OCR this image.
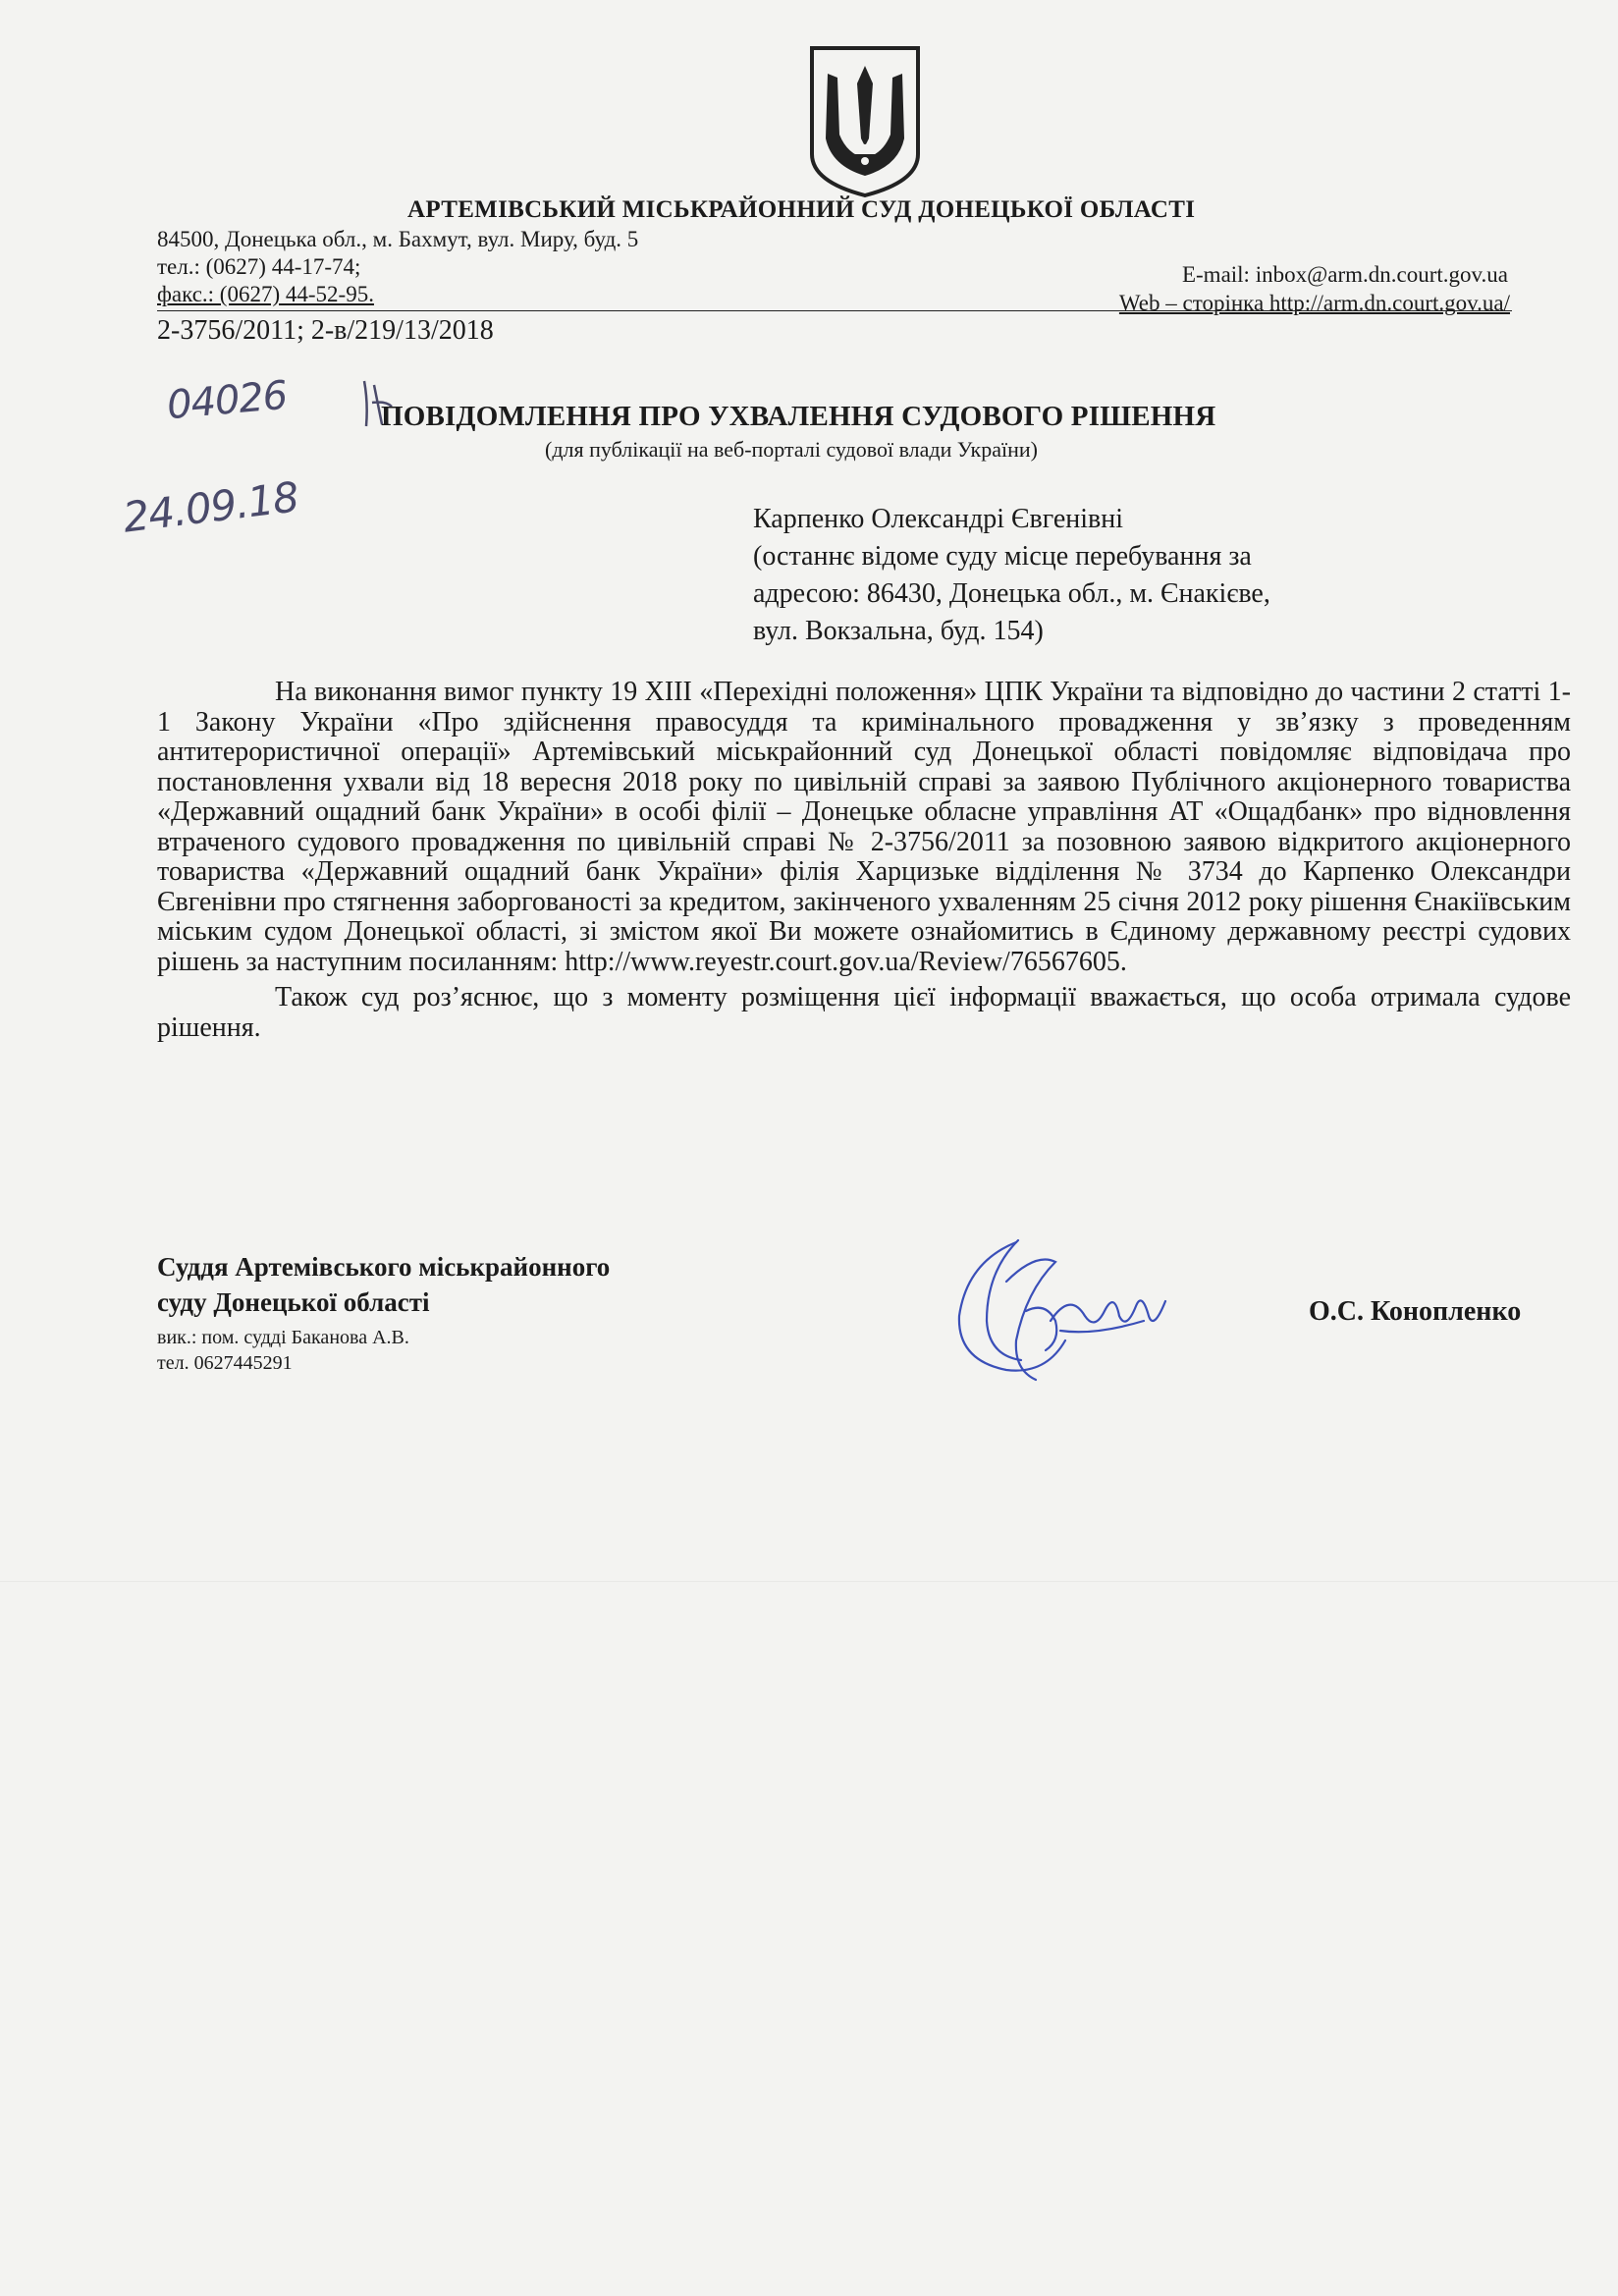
АРТЕМІВСЬКИЙ МІСЬКРАЙОННИЙ СУД ДОНЕЦЬКОЇ ОБЛАСТІ
84500, Донецька обл., м. Бахмут, вул. Миру, буд. 5
тел.: (0627) 44-17-74;
факс.: (0627) 44-52-95.
E-mail: inbox@arm.dn.court.gov.ua
Web – сторінка http://arm.dn.court.gov.ua/
2-3756/2011; 2-в/219/13/2018
04026
24.09.18
ПОВІДОМЛЕННЯ ПРО УХВАЛЕННЯ СУДОВОГО РІШЕННЯ
(для публікації на веб-порталі судової влади України)
Карпенко Олександрі Євгенівні
(останнє відоме суду місце перебування за
адресою: 86430, Донецька обл., м. Єнакієве,
вул. Вокзальна, буд. 154)

На виконання вимог пункту 19 XIII «Перехідні положення» ЦПК України та відповідно до частини 2 статті 1-1 Закону України «Про здійснення правосуддя та кримінального провадження у зв’язку з проведенням антитерористичної операції» Артемівський міськрайонний суд Донецької області повідомляє відповідача про постановлення ухвали від 18 вересня 2018 року по цивільній справі за заявою Публічного акціонерного товариства «Державний ощадний банк України» в особі філії – Донецьке обласне управління АТ «Ощадбанк» про відновлення втраченого судового провадження по цивільній справі № 2-3756/2011 за позовною заявою відкритого акціонерного товариства «Державний ощадний банк України» філія Харцизьке відділення № 3734 до Карпенко Олександри Євгенівни про стягнення заборгованості за кредитом, закінченого ухваленням 25 січня 2012 року рішення Єнакіївським міським судом Донецької області, зі змістом якої Ви можете ознайомитись в Єдиному державному реєстрі судових рішень за наступним посиланням: http://www.reyestr.court.gov.ua/Review/76567605.

Також суд роз’яснює, що з моменту розміщення цієї інформації вважається, що особа отримала судове рішення.

Суддя Артемівського міськрайонного
суду Донецької області
вик.: пом. судді Баканова А.В.
тел. 0627445291
О.С. Конопленко
